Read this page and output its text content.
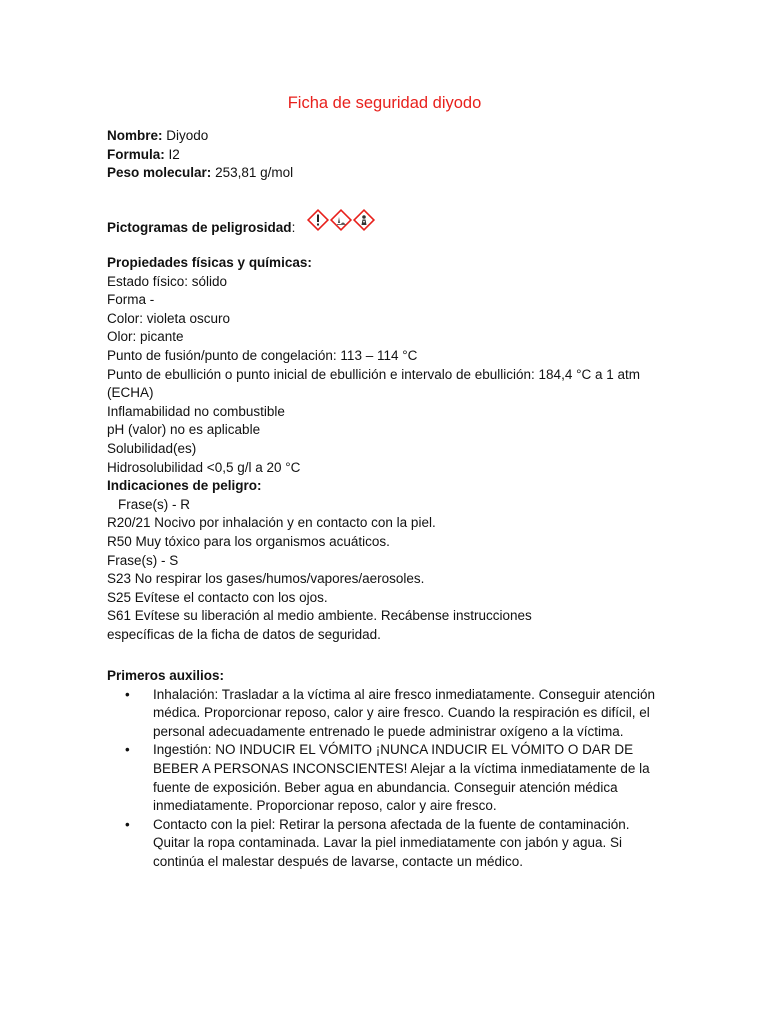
Ficha de seguridad diyodo
Nombre: Diyodo
Formula: I2
Peso molecular: 253,81 g/mol
Pictogramas de peligrosidad:
Propiedades físicas y químicas:
Estado físico: sólido
Forma -
Color: violeta oscuro
Olor: picante
Punto de fusión/punto de congelación: 113 – 114 °C
Punto de ebullición o punto inicial de ebullición e intervalo de ebullición: 184,4 °C a 1 atm
(ECHA)
Inflamabilidad no combustible
pH (valor) no es aplicable
Solubilidad(es)
Hidrosolubilidad <0,5 g/l a 20 °C
Indicaciones de peligro:
Frase(s) - R
R20/21 Nocivo por inhalación y en contacto con la piel.
R50 Muy tóxico para los organismos acuáticos.
Frase(s) - S
S23 No respirar los gases/humos/vapores/aerosoles.
S25 Evítese el contacto con los ojos.
S61 Evítese su liberación al medio ambiente. Recábense instrucciones
específicas de la ficha de datos de seguridad.
Primeros auxilios:
• Inhalación: Trasladar a la víctima al aire fresco inmediatamente. Conseguir atención médica. Proporcionar reposo, calor y aire fresco. Cuando la respiración es difícil, el personal adecuadamente entrenado le puede administrar oxígeno a la víctima.
• Ingestión: NO INDUCIR EL VÓMITO ¡NUNCA INDUCIR EL VÓMITO O DAR DE BEBER A PERSONAS INCONSCIENTES! Alejar a la víctima inmediatamente de la fuente de exposición. Beber agua en abundancia. Conseguir atención médica inmediatamente. Proporcionar reposo, calor y aire fresco.
• Contacto con la piel: Retirar la persona afectada de la fuente de contaminación. Quitar la ropa contaminada. Lavar la piel inmediatamente con jabón y agua. Si continúa el malestar después de lavarse, contacte un médico.
